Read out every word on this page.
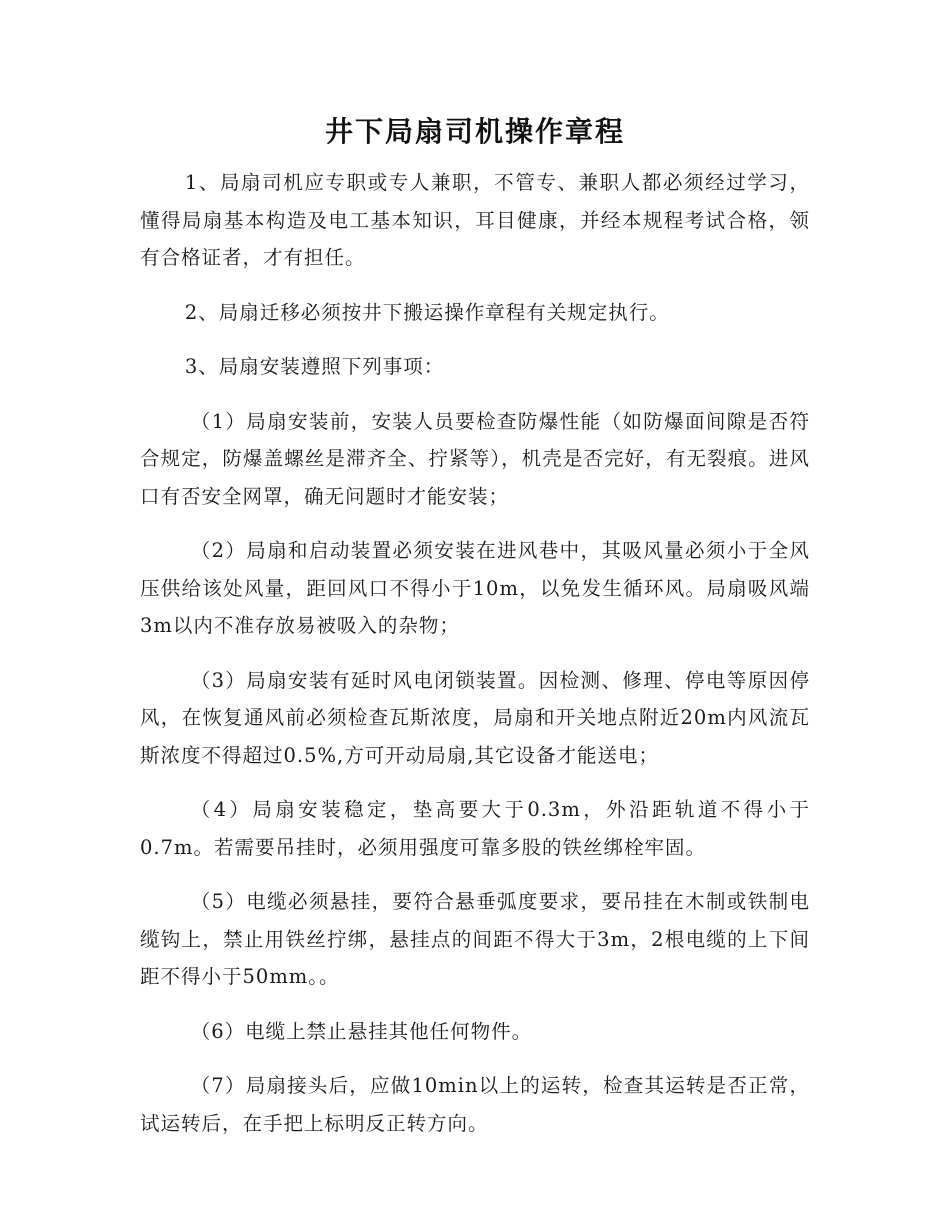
井下局扇司机操作章程

1、局扇司机应专职或专人兼职，不管专、兼职人都必须经过学习，懂得局扇基本构造及电工基本知识，耳目健康，并经本规程考试合格，领有合格证者，才有担任。

2、局扇迁移必须按井下搬运操作章程有关规定执行。

3、局扇安装遵照下列事项：

（1）局扇安装前，安装人员要检查防爆性能（如防爆面间隙是否符合规定，防爆盖螺丝是滞齐全、拧紧等），机壳是否完好，有无裂痕。进风口有否安全网罩，确无问题时才能安装；

（2）局扇和启动装置必须安装在进风巷中，其吸风量必须小于全风压供给该处风量，距回风口不得小于10m，以免发生循环风。局扇吸风端3m以内不准存放易被吸入的杂物；

（3）局扇安装有延时风电闭锁装置。因检测、修理、停电等原因停风，在恢复通风前必须检查瓦斯浓度，局扇和开关地点附近20m内风流瓦斯浓度不得超过0.5%,方可开动局扇,其它设备才能送电；

（4）局扇安装稳定，垫高要大于0.3m，外沿距轨道不得小于0.7m。若需要吊挂时，必须用强度可靠多股的铁丝绑栓牢固。

（5）电缆必须悬挂，要符合悬垂弧度要求，要吊挂在木制或铁制电缆钩上，禁止用铁丝拧绑，悬挂点的间距不得大于3m，2根电缆的上下间距不得小于50mm。。

（6）电缆上禁止悬挂其他任何物件。

（7）局扇接头后，应做10min以上的运转，检查其运转是否正常，试运转后，在手把上标明反正转方向。
